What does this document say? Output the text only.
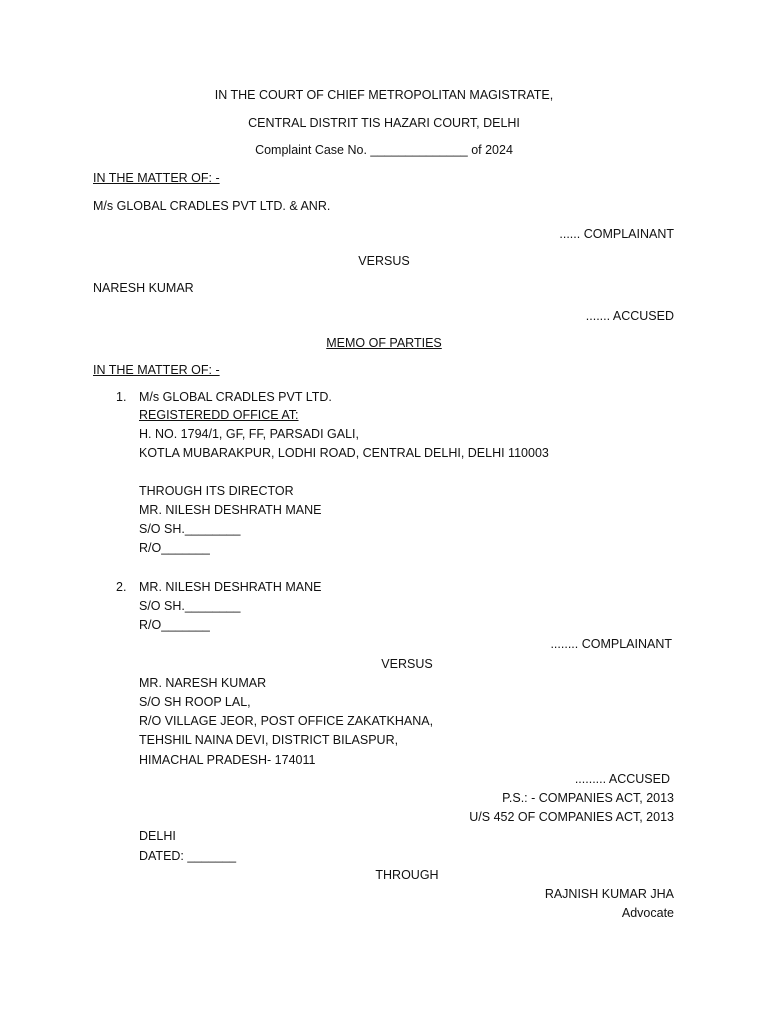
IN THE COURT OF CHIEF METROPOLITAN MAGISTRATE,
CENTRAL DISTRIT TIS HAZARI COURT, DELHI
Complaint Case No. ______________ of 2024
IN THE MATTER OF: -
M/s GLOBAL CRADLES PVT LTD. & ANR.
...... COMPLAINANT
VERSUS
NARESH KUMAR
....... ACCUSED
MEMO OF PARTIES
IN THE MATTER OF: -
1. M/s GLOBAL CRADLES PVT LTD.
REGISTEREDD OFFICE AT:
H. NO. 1794/1, GF, FF, PARSADI GALI,
KOTLA MUBARAKPUR, LODHI ROAD, CENTRAL DELHI, DELHI 110003
THROUGH ITS DIRECTOR
MR. NILESH DESHRATH MANE
S/O SH.________
R/O_______
2. MR. NILESH DESHRATH MANE
S/O SH.________
R/O_______
........ COMPLAINANT
VERSUS
MR. NARESH KUMAR
S/O SH ROOP LAL,
R/O VILLAGE JEOR, POST OFFICE ZAKATKHANA,
TEHSHIL NAINA DEVI, DISTRICT BILASPUR,
HIMACHAL PRADESH- 174011
......... ACCUSED
P.S.: - COMPANIES ACT, 2013
U/S 452 OF COMPANIES ACT, 2013
DELHI
DATED: _______
THROUGH
RAJNISH KUMAR JHA
Advocate
